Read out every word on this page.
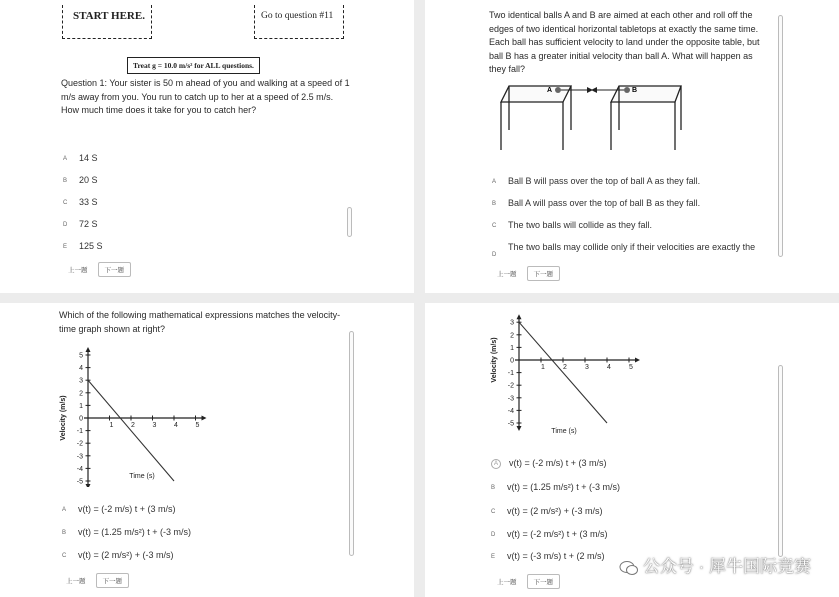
START HERE.	Go to question #11
Treat g = 10.0 m/s² for ALL questions.
Question 1: Your sister is 50 m ahead of you and walking at a speed of 1 m/s away from you. You run to catch up to her at a speed of 2.5 m/s. How much time does it take for you to catch her?
A 14 S
B 20 S
C 33 S
D 72 S
E 125 S
上一题	下一题
Two identical balls A and B are aimed at each other and roll off the edges of two identical horizontal tabletops at exactly the same time. Each ball has sufficient velocity to land under the opposite table, but ball B has a greater initial velocity than ball A. What will happen as they fall?
A	B
A Ball B will pass over the top of ball A as they fall.
B Ball A will pass over the top of ball B as they fall.
C The two balls will collide as they fall.
DThe two balls may collide only if their velocities are exactly the
上一题	下一题
Which of the following mathematical expressions matches the velocity-time graph shown at right?
-5
-4
-3
-2
-1
0
1
2
3
4
5
1	2	3	4	5
Velocity (m/s)
Time (s)
A v(t) = (-2 m/s) t + (3 m/s)
B v(t) = (1.25 m/s²) t + (-3 m/s)
C v(t) = (2 m/s²) + (-3 m/s)
上一题	下一题
-5
-4
-3
-2
-1
0
1
2
3
1	2	3	4	5
Velocity (m/s)
Time (s)
A v(t) = (-2 m/s) t + (3 m/s)
B v(t) = (1.25 m/s²) t + (-3 m/s)
C v(t) = (2 m/s²) + (-3 m/s)
D v(t) = (-2 m/s²) t + (3 m/s)
E v(t) = (-3 m/s) t + (2 m/s)
上一题	下一题
公众号 · 犀牛国际竞赛
